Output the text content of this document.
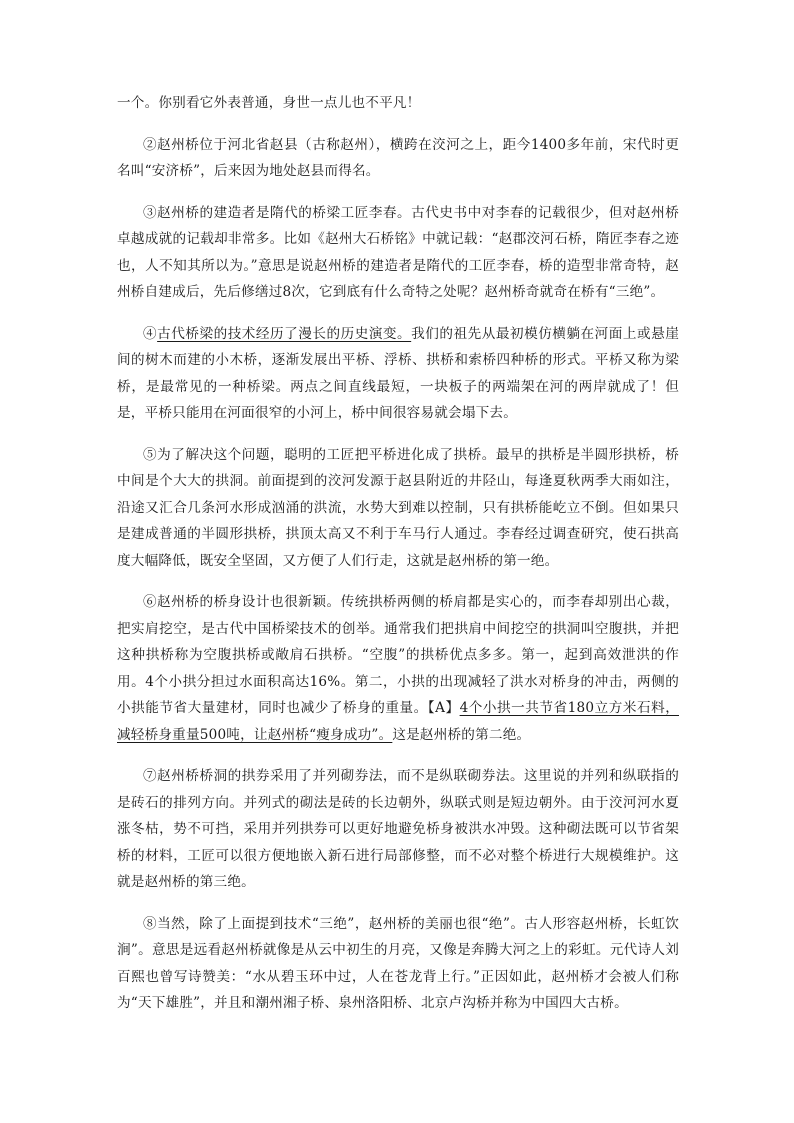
一个。你别看它外表普通，身世一点儿也不平凡！

②赵州桥位于河北省赵县（古称赵州），横跨在洨河之上，距今1400多年前，宋代时更名叫“安济桥”，后来因为地处赵县而得名。

③赵州桥的建造者是隋代的桥梁工匠李春。古代史书中对李春的记载很少，但对赵州桥卓越成就的记载却非常多。比如《赵州大石桥铭》中就记载：“赵郡洨河石桥，隋匠李春之迹也，人不知其所以为。”意思是说赵州桥的建造者是隋代的工匠李春，桥的造型非常奇特，赵州桥自建成后，先后修缮过8次，它到底有什么奇特之处呢？赵州桥奇就奇在桥有“三绝”。

④古代桥梁的技术经历了漫长的历史演变。我们的祖先从最初模仿横躺在河面上或悬崖间的树木而建的小木桥，逐渐发展出平桥、浮桥、拱桥和索桥四种桥的形式。平桥又称为梁桥，是最常见的一种桥梁。两点之间直线最短，一块板子的两端架在河的两岸就成了！但是，平桥只能用在河面很窄的小河上，桥中间很容易就会塌下去。

⑤为了解决这个问题，聪明的工匠把平桥进化成了拱桥。最早的拱桥是半圆形拱桥，桥中间是个大大的拱洞。前面提到的洨河发源于赵县附近的井陉山，每逢夏秋两季大雨如注，沿途又汇合几条河水形成汹涌的洪流，水势大到难以控制，只有拱桥能屹立不倒。但如果只是建成普通的半圆形拱桥，拱顶太高又不利于车马行人通过。李春经过调查研究，使石拱高度大幅降低，既安全坚固，又方便了人们行走，这就是赵州桥的第一绝。

⑥赵州桥的桥身设计也很新颖。传统拱桥两侧的桥肩都是实心的，而李春却别出心裁，把实肩挖空，是古代中国桥梁技术的创举。通常我们把拱肩中间挖空的拱洞叫空腹拱，并把这种拱桥称为空腹拱桥或敞肩石拱桥。“空腹”的拱桥优点多多。第一，起到高效泄洪的作用。4个小拱分担过水面积高达16%。第二，小拱的出现减轻了洪水对桥身的冲击，两侧的小拱能节省大量建材，同时也减少了桥身的重量。【A】4个小拱一共节省180立方米石料，减轻桥身重量500吨，让赵州桥“瘦身成功”。这是赵州桥的第二绝。

⑦赵州桥桥洞的拱券采用了并列砌券法，而不是纵联砌券法。这里说的并列和纵联指的是砖石的排列方向。并列式的砌法是砖的长边朝外，纵联式则是短边朝外。由于洨河河水夏涨冬枯，势不可挡，采用并列拱券可以更好地避免桥身被洪水冲毁。这种砌法既可以节省架桥的材料，工匠可以很方便地嵌入新石进行局部修整，而不必对整个桥进行大规模维护。这就是赵州桥的第三绝。

⑧当然，除了上面提到技术“三绝”，赵州桥的美丽也很“绝”。古人形容赵州桥，长虹饮涧”。意思是远看赵州桥就像是从云中初生的月亮，又像是奔腾大河之上的彩虹。元代诗人刘百熙也曾写诗赞美：“水从碧玉环中过，人在苍龙背上行。”正因如此，赵州桥才会被人们称为“天下雄胜”，并且和潮州湘子桥、泉州洛阳桥、北京卢沟桥并称为中国四大古桥。
